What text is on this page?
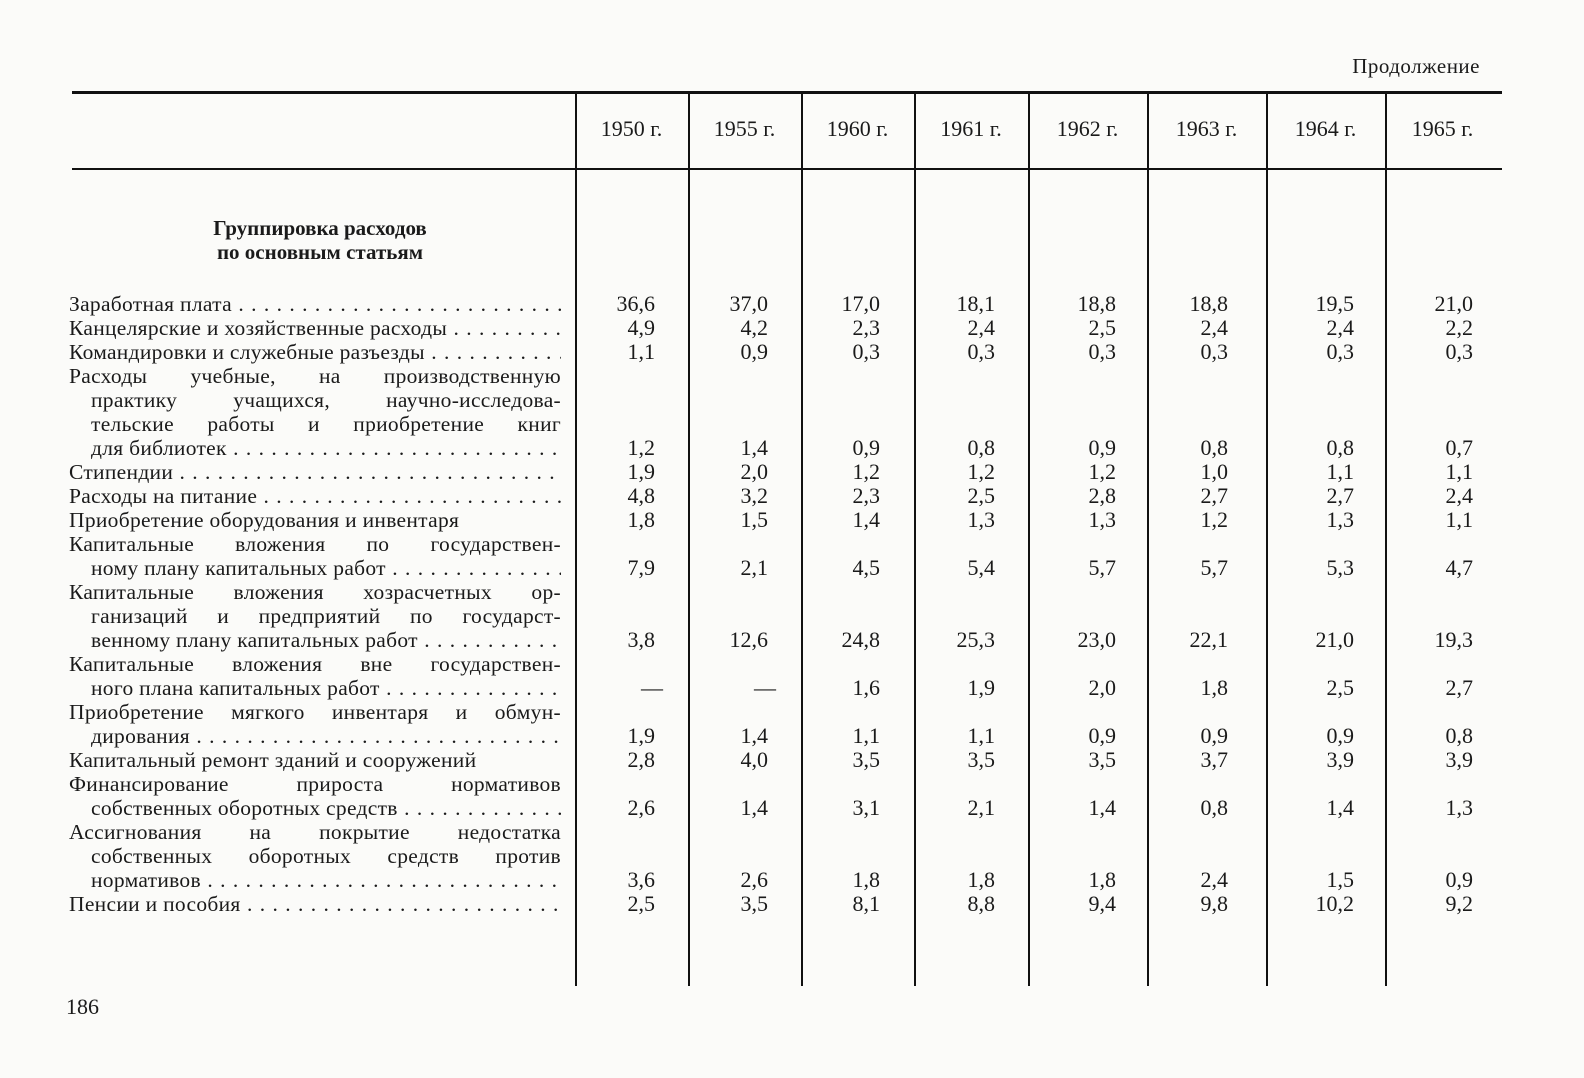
Продолжение
1950 г.	1955 г.	1960 г.	1961 г.	1962 г.	1963 г.	1964 г.	1965 г.
Группировка расходов
по основным статьям
Заработная плата . . .	36,6	37,0	17,0	18,1	18,8	18,8	19,5	21,0
Канцелярские и хозяйственные расходы . . .	4,9	4,2	2,3	2,4	2,5	2,4	2,4	2,2
Командировки и служебные разъезды . . .	1,1	0,9	0,3	0,3	0,3	0,3	0,3	0,3
Расходы учебные, на производственную
практику учащихся, научно-исследова-
тельские работы и приобретение книг
для библиотек . . .	1,2	1,4	0,9	0,8	0,9	0,8	0,8	0,7
Стипендии . . .	1,9	2,0	1,2	1,2	1,2	1,0	1,1	1,1
Расходы на питание . . .	4,8	3,2	2,3	2,5	2,8	2,7	2,7	2,4
Приобретение оборудования и инвентаря	1,8	1,5	1,4	1,3	1,3	1,2	1,3	1,1
Капитальные вложения по государствен-
ному плану капитальных работ . . .	7,9	2,1	4,5	5,4	5,7	5,7	5,3	4,7
Капитальные вложения хозрасчетных ор-
ганизаций и предприятий по государст-
венному плану капитальных работ . . .	3,8	12,6	24,8	25,3	23,0	22,1	21,0	19,3
Капитальные вложения вне государствен-
ного плана капитальных работ . . .	—	—	1,6	1,9	2,0	1,8	2,5	2,7
Приобретение мягкого инвентаря и обмун-
дирования . . .	1,9	1,4	1,1	1,1	0,9	0,9	0,9	0,8
Капитальный ремонт зданий и сооружений	2,8	4,0	3,5	3,5	3,5	3,7	3,9	3,9
Финансирование прироста нормативов
собственных оборотных средств . . .	2,6	1,4	3,1	2,1	1,4	0,8	1,4	1,3
Ассигнования на покрытие недостатка
собственных оборотных средств против
нормативов . . .	3,6	2,6	1,8	1,8	1,8	2,4	1,5	0,9
Пенсии и пособия . . .	2,5	3,5	8,1	8,8	9,4	9,8	10,2	9,2
186
